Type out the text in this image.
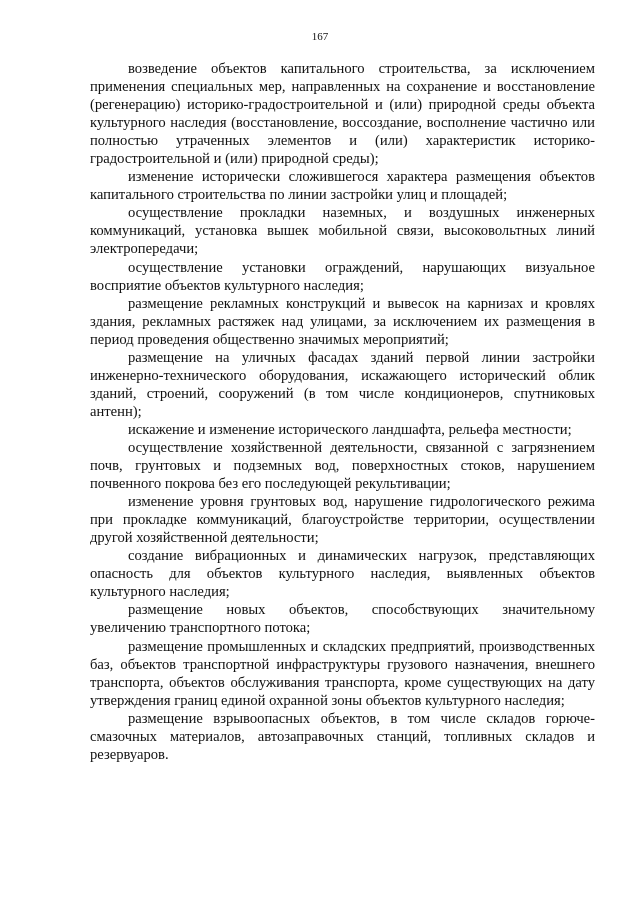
167

возведение объектов капитального строительства, за исключением применения специальных мер, направленных на сохранение и восстановление (регенерацию) историко-градостроительной и (или) природной среды объекта культурного наследия (восстановление, воссоздание, восполнение частично или полностью утраченных элементов и (или) характеристик историко-градостроительной и (или) природной среды);

изменение исторически сложившегося характера размещения объектов капитального строительства по линии застройки улиц и площадей;

осуществление прокладки наземных, и воздушных инженерных коммуникаций, установка вышек мобильной связи, высоковольтных линий электропередачи;

осуществление установки ограждений, нарушающих визуальное восприятие объектов культурного наследия;

размещение рекламных конструкций и вывесок на карнизах и кровлях здания, рекламных растяжек над улицами, за исключением их размещения в период проведения общественно значимых мероприятий;

размещение на уличных фасадах зданий первой линии застройки инженерно-технического оборудования, искажающего исторический облик зданий, строений, сооружений (в том числе кондиционеров, спутниковых антенн);

искажение и изменение исторического ландшафта, рельефа местности;

осуществление хозяйственной деятельности, связанной с загрязнением почв, грунтовых и подземных вод, поверхностных стоков, нарушением почвенного покрова без его последующей рекультивации;

изменение уровня грунтовых вод, нарушение гидрологического режима при прокладке коммуникаций, благоустройстве территории, осуществлении другой хозяйственной деятельности;

создание вибрационных и динамических нагрузок, представляющих опасность для объектов культурного наследия, выявленных объектов культурного наследия;

размещение новых объектов, способствующих значительному увеличению транспортного потока;

размещение промышленных и складских предприятий, производственных баз, объектов транспортной инфраструктуры грузового назначения, внешнего транспорта, объектов обслуживания транспорта, кроме существующих на дату утверждения границ единой охранной зоны объектов культурного наследия;

размещение взрывоопасных объектов, в том числе складов горюче-смазочных материалов, автозаправочных станций, топливных складов и резервуаров.
